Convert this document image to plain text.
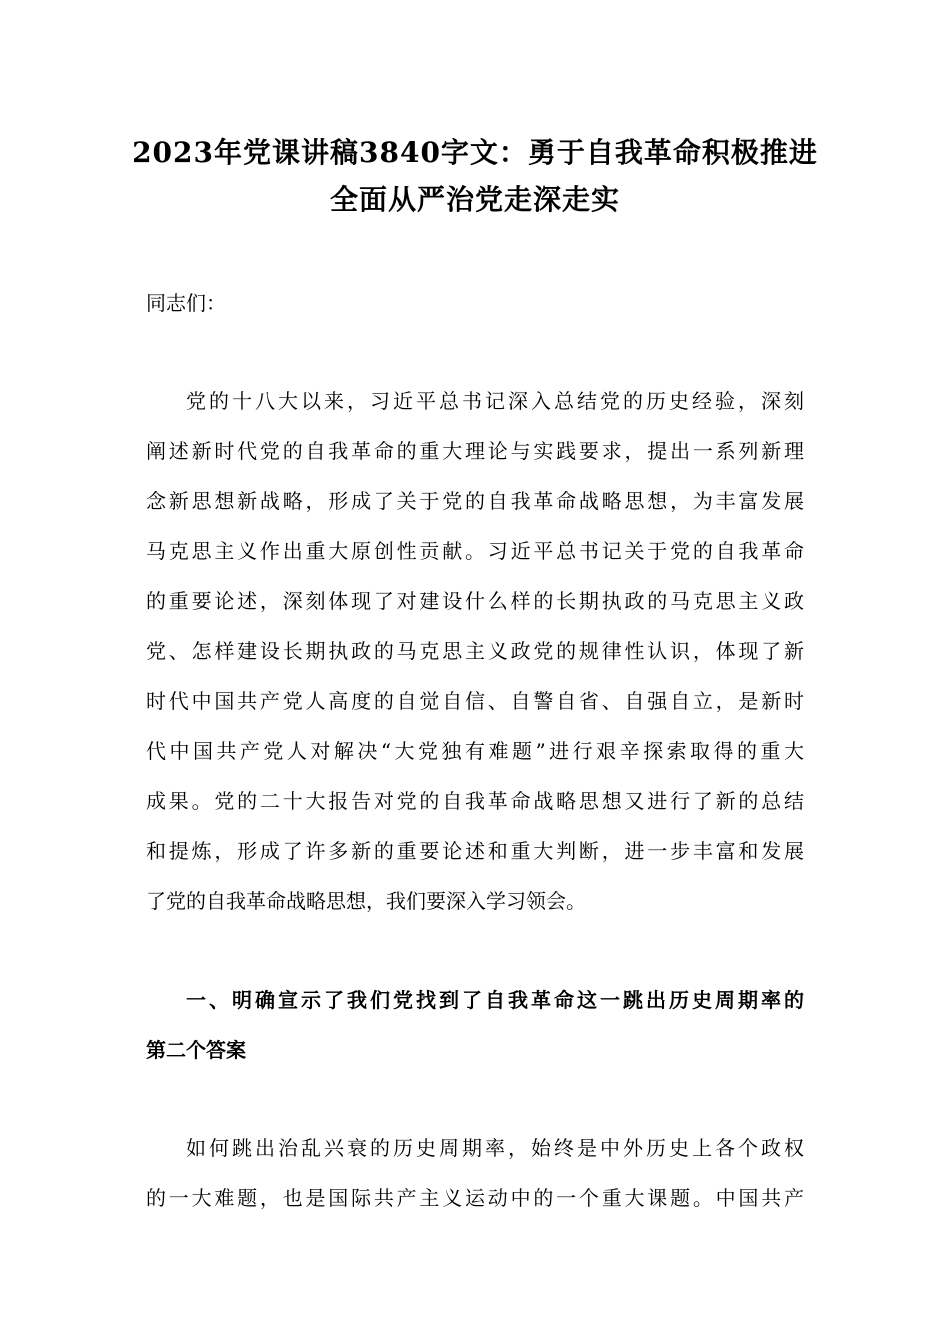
2023年党课讲稿3840字文：勇于自我革命积极推进
全面从严治党走深走实
同志们：
党的十八大以来，习近平总书记深入总结党的历史经验，深刻
阐述新时代党的自我革命的重大理论与实践要求，提出一系列新理
念新思想新战略，形成了关于党的自我革命战略思想，为丰富发展
马克思主义作出重大原创性贡献。习近平总书记关于党的自我革命
的重要论述，深刻体现了对建设什么样的长期执政的马克思主义政
党、怎样建设长期执政的马克思主义政党的规律性认识，体现了新
时代中国共产党人高度的自觉自信、自警自省、自强自立，是新时
代中国共产党人对解决“大党独有难题”进行艰辛探索取得的重大
成果。党的二十大报告对党的自我革命战略思想又进行了新的总结
和提炼，形成了许多新的重要论述和重大判断，进一步丰富和发展
了党的自我革命战略思想，我们要深入学习领会。
一、明确宣示了我们党找到了自我革命这一跳出历史周期率的
第二个答案
如何跳出治乱兴衰的历史周期率，始终是中外历史上各个政权
的一大难题，也是国际共产主义运动中的一个重大课题。中国共产
